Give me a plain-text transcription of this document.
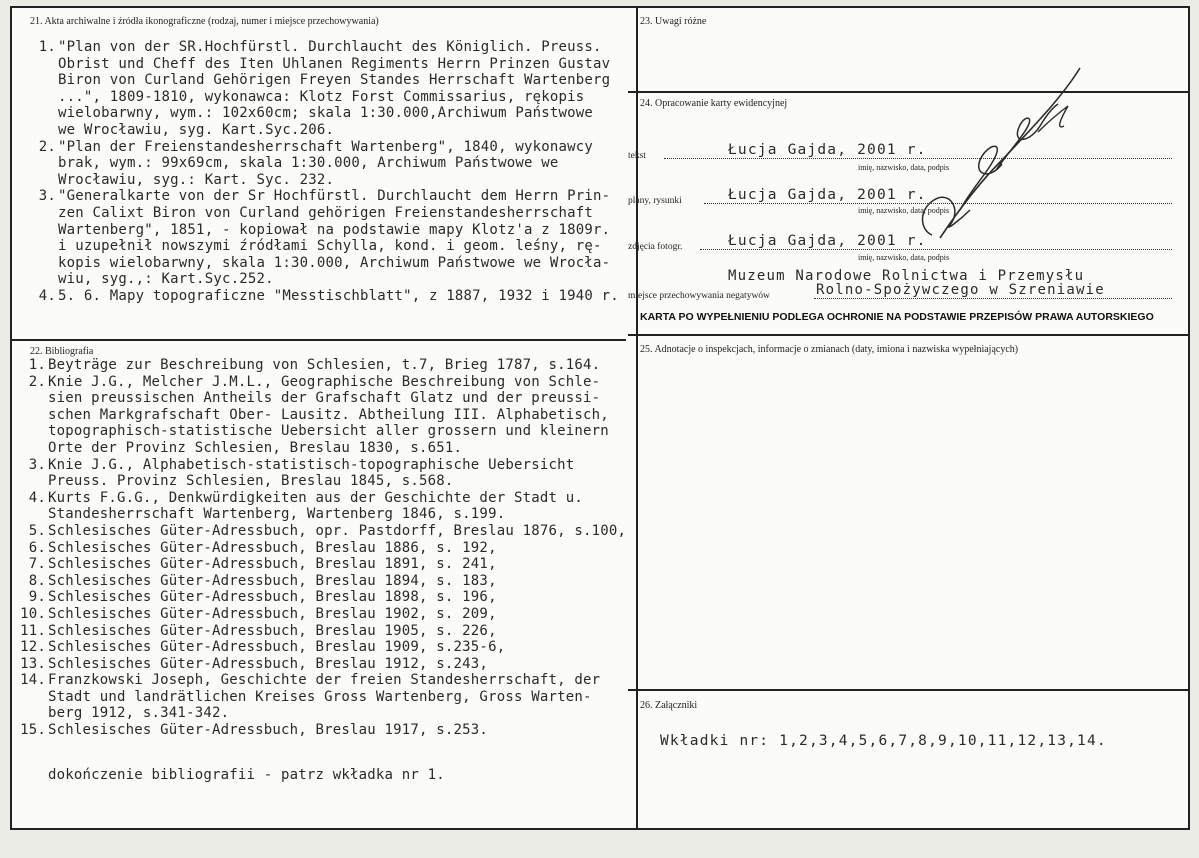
21. Akta archiwalne i źródła ikonograficzne (rodzaj, numer i miejsce przechowywania)
1. "Plan von der SR.Hochfürstl. Durchlaucht des Königlich. Preuss.
Obrist und Cheff des Iten Uhlanen Regiments Herrn Prinzen Gustav
Biron von Curland Gehörigen Freyen Standes Herrschaft Wartenberg
...", 1809-1810, wykonawca: Klotz Forst Commissarius, rękopis
wielobarwny, wym.: 102x60cm; skala 1:30.000,Archiwum Państwowe
we Wrocławiu, syg. Kart.Syc.206.
2. "Plan der Freienstandesherrschaft Wartenberg", 1840, wykonawcy
brak, wym.: 99x69cm, skala 1:30.000, Archiwum Państwowe we
Wrocławiu, syg.: Kart. Syc. 232.
3. "Generalkarte von der Sr Hochfürstl. Durchlaucht dem Herrn Prin-
zen Calixt Biron von Curland gehörigen Freienstandesherrschaft
Wartenberg", 1851, - kopiował na podstawie mapy Klotz'a z 1809r.
i uzupełnił nowszymi źródłami Schylla, kond. i geom. leśny, rę-
kopis wielobarwny, skala 1:30.000, Archiwum Państwowe we Wrocła-
wiu, syg.,: Kart.Syc.252.
4. 5. 6. Mapy topograficzne "Messtischblatt", z 1887, 1932 i 1940 r.
22. Bibliografia
1. Beyträge zur Beschreibung von Schlesien, t.7, Brieg 1787, s.164.
2. Knie J.G., Melcher J.M.L., Geographische Beschreibung von Schle-
sien preussischen Antheils der Grafschaft Glatz und der preussi-
schen Markgrafschaft Ober- Lausitz. Abtheilung III. Alphabetisch,
topographisch-statistische Uebersicht aller grossern und kleinern
Orte der Provinz Schlesien, Breslau 1830, s.651.
3. Knie J.G., Alphabetisch-statistisch-topographische Uebersicht
Preuss. Provinz Schlesien, Breslau 1845, s.568.
4. Kurts F.G.G., Denkwürdigkeiten aus der Geschichte der Stadt u.
Standesherrschaft Wartenberg, Wartenberg 1846, s.199.
5. Schlesisches Güter-Adressbuch, opr. Pastdorff, Breslau 1876, s.100,
6. Schlesisches Güter-Adressbuch, Breslau 1886, s. 192,
7. Schlesisches Güter-Adressbuch, Breslau 1891, s. 241,
8. Schlesisches Güter-Adressbuch, Breslau 1894, s. 183,
9. Schlesisches Güter-Adressbuch, Breslau 1898, s. 196,
10. Schlesisches Güter-Adressbuch, Breslau 1902, s. 209,
11. Schlesisches Güter-Adressbuch, Breslau 1905, s. 226,
12. Schlesisches Güter-Adressbuch, Breslau 1909, s.235-6,
13. Schlesisches Güter-Adressbuch, Breslau 1912, s.243,
14. Franzkowski Joseph, Geschichte der freien Standesherrschaft, der
Stadt und landrätlichen Kreises Gross Wartenberg, Gross Warten-
berg 1912, s.341-342.
15. Schlesisches Güter-Adressbuch, Breslau 1917, s.253.
dokończenie bibliografii - patrz wkładka nr 1.
23. Uwagi różne
24. Opracowanie karty ewidencyjnej
tekst	Łucja Gajda, 2001 r.
imię, nazwisko, data, podpis
plany, rysunki	Łucja Gajda, 2001 r.
imię, nazwisko, data, podpis
zdjęcia fotogr.	Łucja Gajda, 2001 r.
imię, nazwisko, data, podpis
Muzeum Narodowe Rolnictwa i Przemysłu
miejsce przechowywania negatywów	Rolno-Spożywczego w Szreniawie
KARTA PO WYPEŁNIENIU PODLEGA OCHRONIE NA PODSTAWIE PRZEPISÓW PRAWA AUTORSKIEGO
25. Adnotacje o inspekcjach, informacje o zmianach (daty, imiona i nazwiska wypełniających)
26. Załączniki
Wkładki nr: 1,2,3,4,5,6,7,8,9,10,11,12,13,14.
